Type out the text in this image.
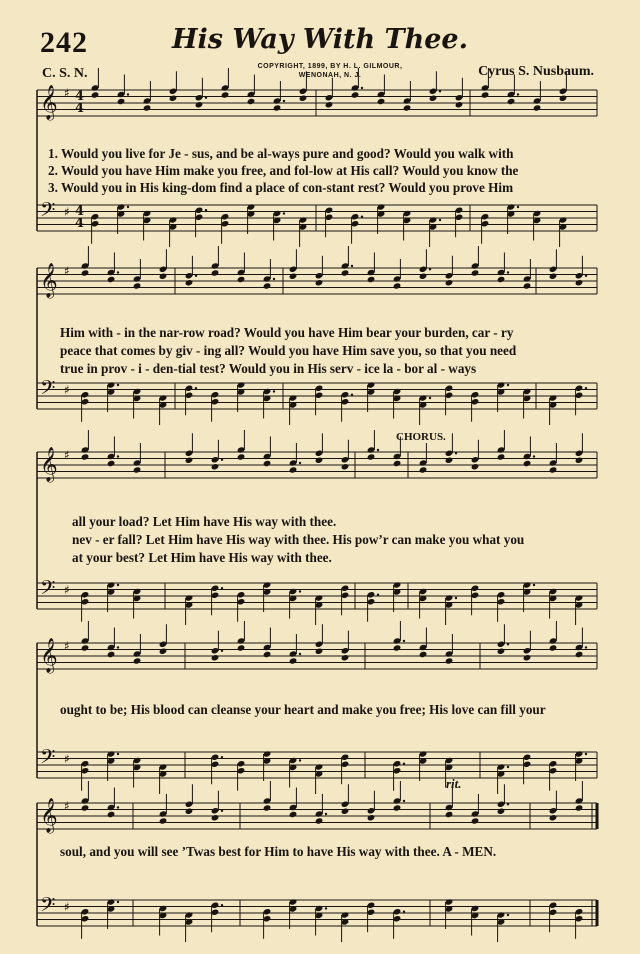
242	His Way With Thee.
C. S. N.	COPYRIGHT, 1899, BY H. L. GILMOUR,
WENONAH, N. J.	Cyrus S. Nusbaum.
𝄞 ♯ 4
4
𝄢 ♯ 4
4
𝄞 ♯
𝄢 ♯
𝄞 ♯
𝄢 ♯
𝄞 ♯
𝄢 ♯
𝄞 ♯
𝄢 ♯
1. Would you live for Je - sus, and be al-ways pure and good? Would you walk with
2. Would you have Him make you free, and fol-low at His call? Would you know the
3. Would you in His king-dom find a place of con-stant rest? Would you prove Him
Him with - in the nar-row road? Would you have Him bear your burden, car - ry
peace that comes by giv - ing all? Would you have Him save you, so that you need
true in prov - i - den-tial test? Would you in His serv - ice la - bor al - ways
CHORUS.
all your load? Let Him have His way with thee.
nev - er fall? Let Him have His way with thee. His pow’r can make you what you
at your best? Let Him have His way with thee.
ought to be; His blood can cleanse your heart and make you free; His love can fill your
rit.
soul, and you will see ’Twas best for Him to have His way with thee. A - MEN.
